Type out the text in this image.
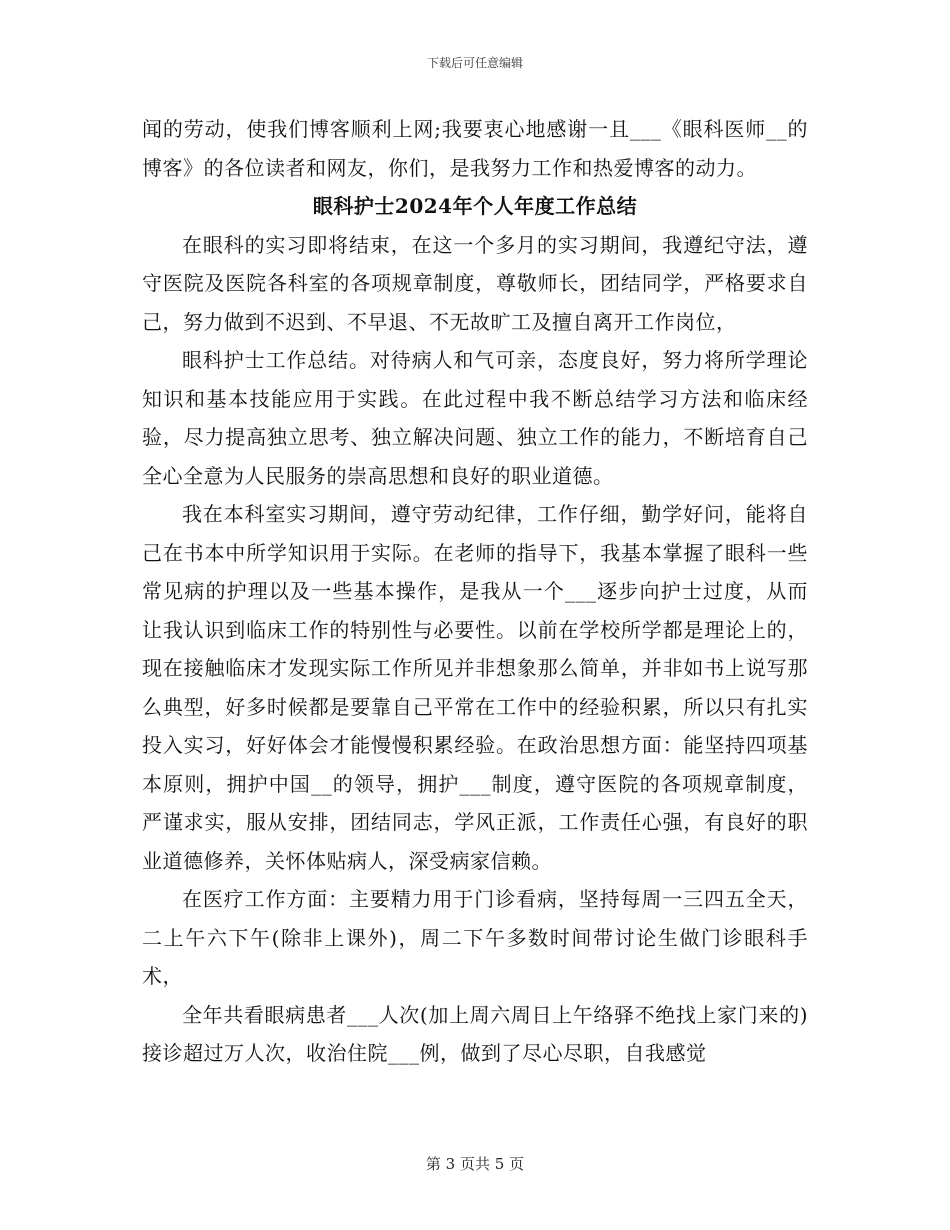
下载后可任意编辑

闻的劳动，使我们博客顺利上网;我要衷心地感谢一且___《眼科医师__的博客》的各位读者和网友，你们，是我努力工作和热爱博客的动力。

眼科护士2024年个人年度工作总结

在眼科的实习即将结束，在这一个多月的实习期间，我遵纪守法，遵守医院及医院各科室的各项规章制度，尊敬师长，团结同学，严格要求自己，努力做到不迟到、不早退、不无故旷工及擅自离开工作岗位，

眼科护士工作总结。对待病人和气可亲，态度良好，努力将所学理论知识和基本技能应用于实践。在此过程中我不断总结学习方法和临床经验，尽力提高独立思考、独立解决问题、独立工作的能力，不断培育自己全心全意为人民服务的崇高思想和良好的职业道德。

我在本科室实习期间，遵守劳动纪律，工作仔细，勤学好问，能将自己在书本中所学知识用于实际。在老师的指导下，我基本掌握了眼科一些常见病的护理以及一些基本操作，是我从一个___逐步向护士过度，从而让我认识到临床工作的特别性与必要性。以前在学校所学都是理论上的，现在接触临床才发现实际工作所见并非想象那么简单，并非如书上说写那么典型，好多时候都是要靠自己平常在工作中的经验积累，所以只有扎实投入实习，好好体会才能慢慢积累经验。在政治思想方面：能坚持四项基本原则，拥护中国__的领导，拥护___制度，遵守医院的各项规章制度，严谨求实，服从安排，团结同志，学风正派，工作责任心强，有良好的职业道德修养，关怀体贴病人，深受病家信赖。

在医疗工作方面：主要精力用于门诊看病，坚持每周一三四五全天，二上午六下午(除非上课外)，周二下午多数时间带讨论生做门诊眼科手术，

全年共看眼病患者___人次(加上周六周日上午络驿不绝找上家门来的)接诊超过万人次，收治住院___例，做到了尽心尽职，自我感觉

第 3 页共 5 页
